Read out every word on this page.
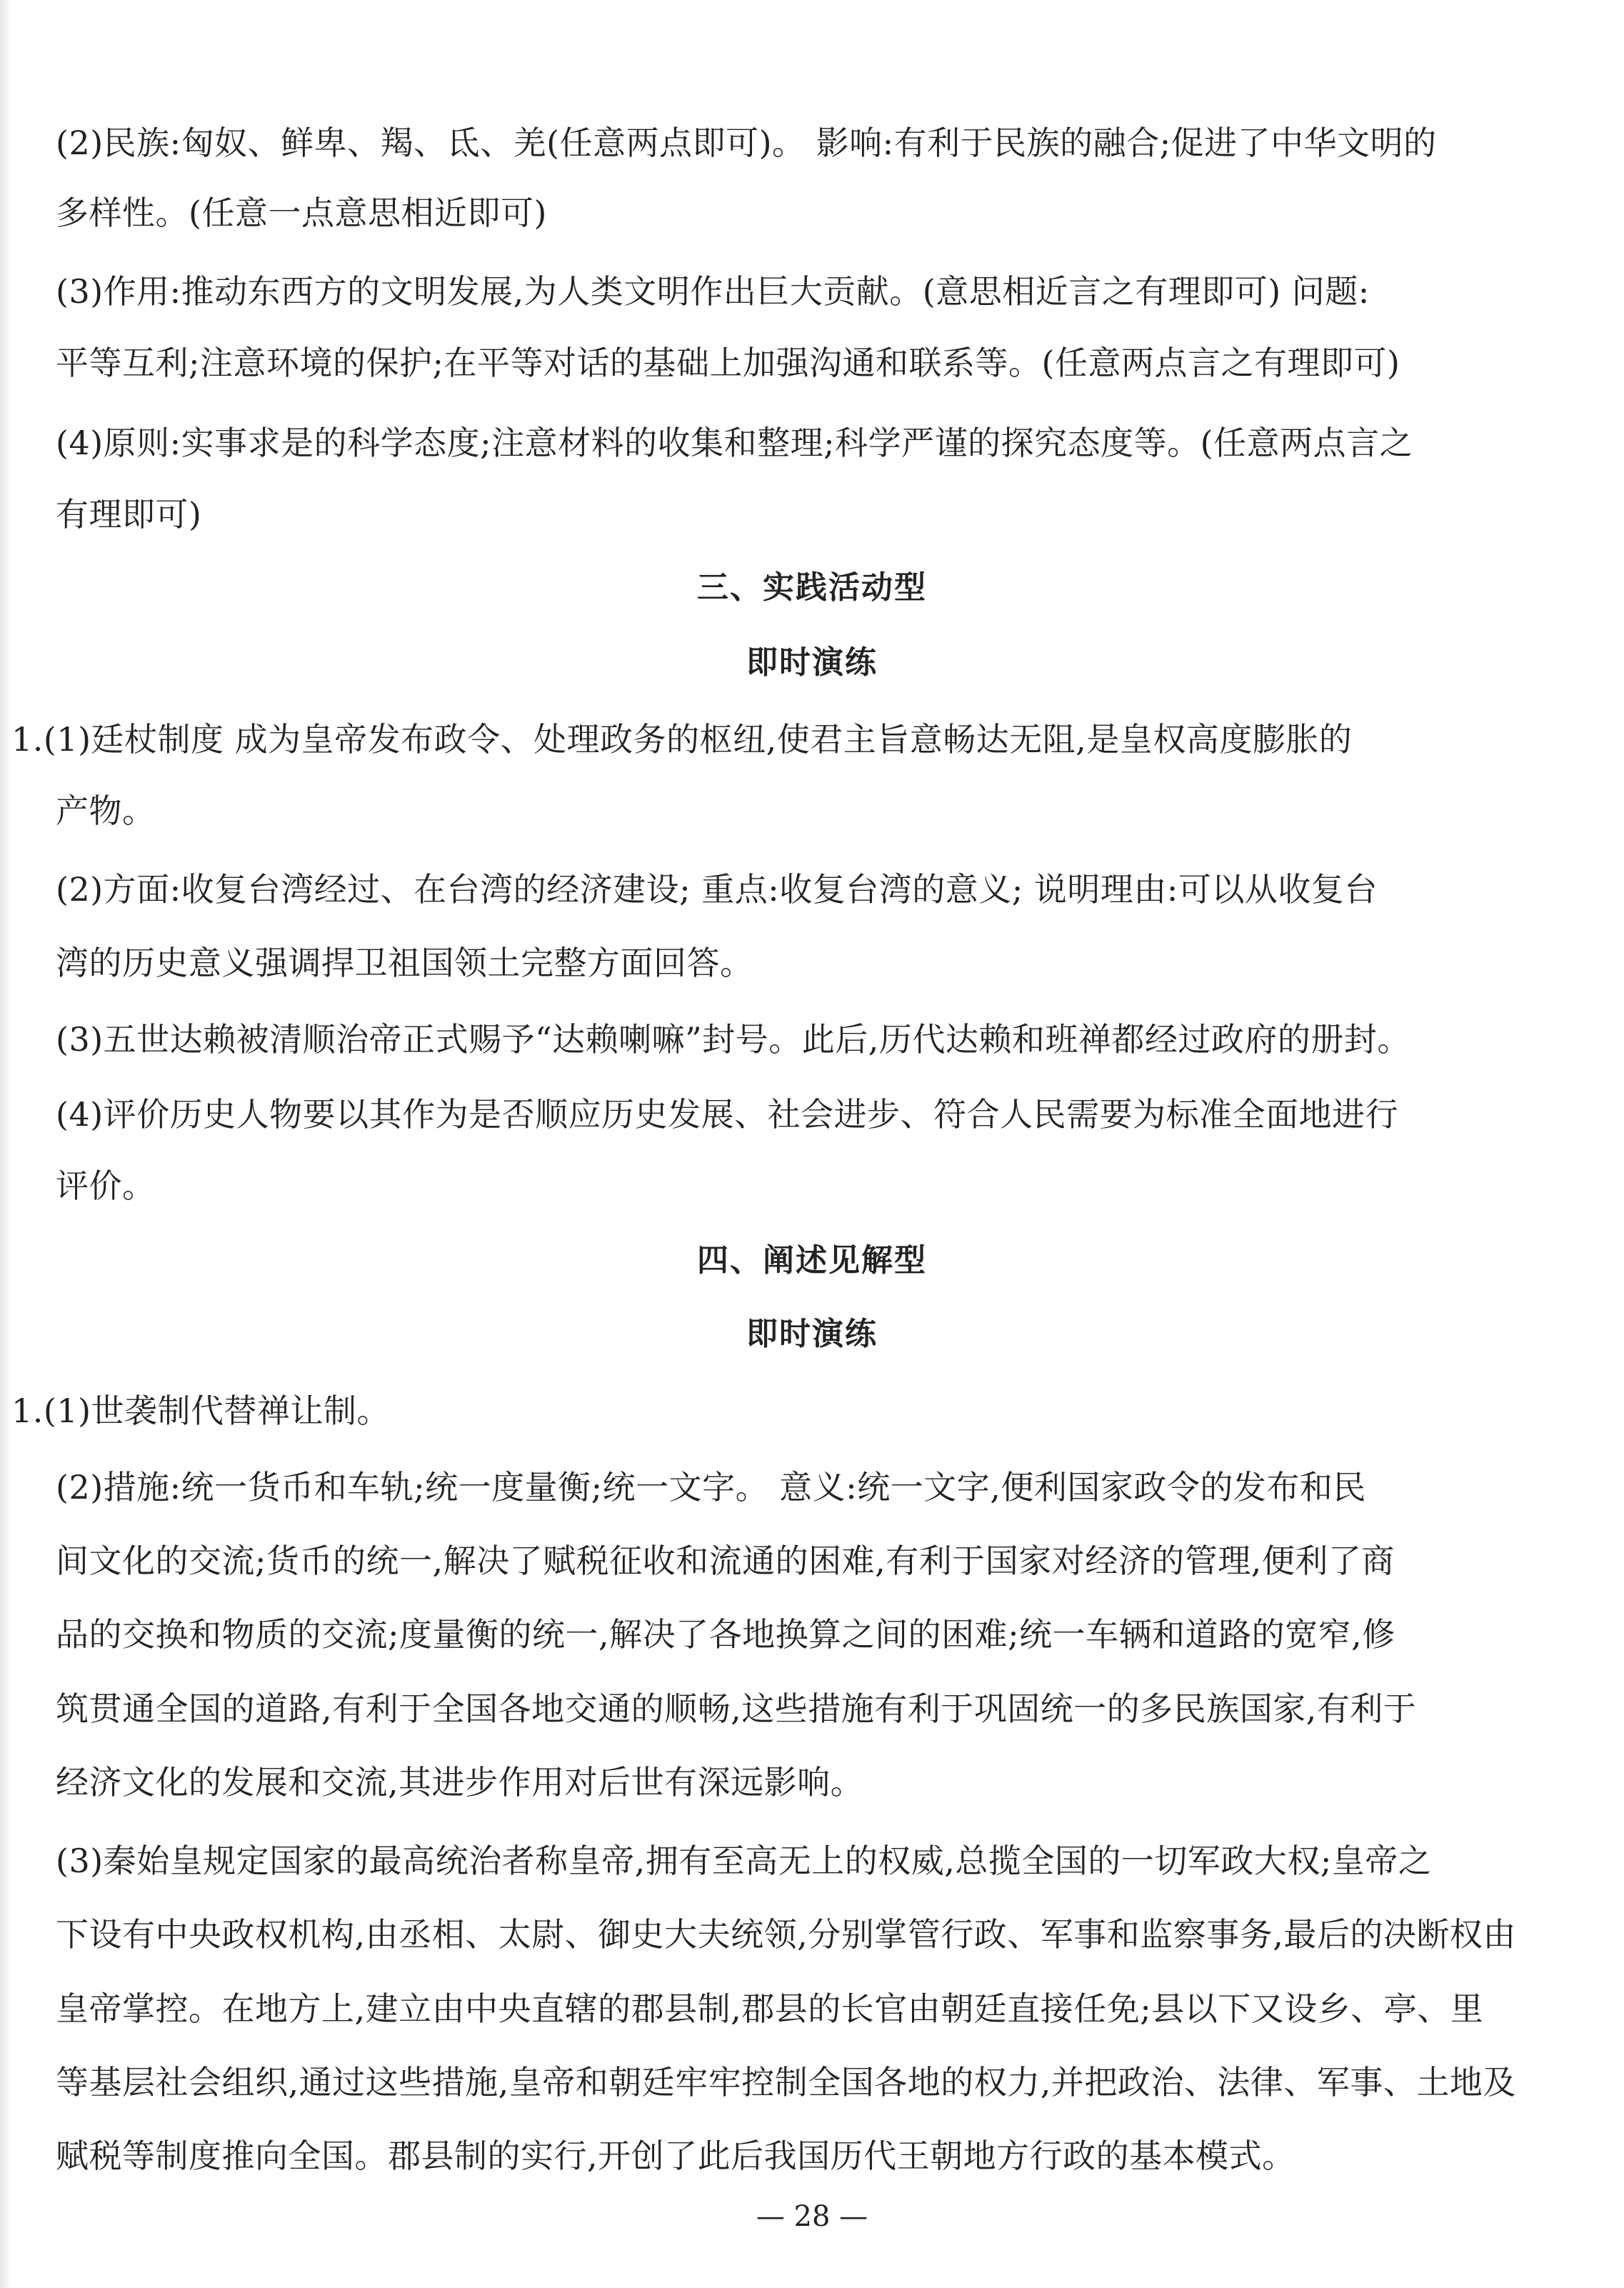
(2)民族:匈奴、鲜卑、羯、氐、羌(任意两点即可)。 影响:有利于民族的融合;促进了中华文明的
多样性。(任意一点意思相近即可)
(3)作用:推动东西方的文明发展,为人类文明作出巨大贡献。(意思相近言之有理即可) 问题:
平等互利;注意环境的保护;在平等对话的基础上加强沟通和联系等。(任意两点言之有理即可)
(4)原则:实事求是的科学态度;注意材料的收集和整理;科学严谨的探究态度等。(任意两点言之
有理即可)
三、实践活动型
即时演练
1.(1)廷杖制度 成为皇帝发布政令、处理政务的枢纽,使君主旨意畅达无阻,是皇权高度膨胀的
产物。
(2)方面:收复台湾经过、在台湾的经济建设; 重点:收复台湾的意义; 说明理由:可以从收复台
湾的历史意义强调捍卫祖国领土完整方面回答。
(3)五世达赖被清顺治帝正式赐予“达赖喇嘛”封号。此后,历代达赖和班禅都经过政府的册封。
(4)评价历史人物要以其作为是否顺应历史发展、社会进步、符合人民需要为标准全面地进行
评价。
四、阐述见解型
即时演练
1.(1)世袭制代替禅让制。
(2)措施:统一货币和车轨;统一度量衡;统一文字。 意义:统一文字,便利国家政令的发布和民
间文化的交流;货币的统一,解决了赋税征收和流通的困难,有利于国家对经济的管理,便利了商
品的交换和物质的交流;度量衡的统一,解决了各地换算之间的困难;统一车辆和道路的宽窄,修
筑贯通全国的道路,有利于全国各地交通的顺畅,这些措施有利于巩固统一的多民族国家,有利于
经济文化的发展和交流,其进步作用对后世有深远影响。
(3)秦始皇规定国家的最高统治者称皇帝,拥有至高无上的权威,总揽全国的一切军政大权;皇帝之
下设有中央政权机构,由丞相、太尉、御史大夫统领,分别掌管行政、军事和监察事务,最后的决断权由
皇帝掌控。在地方上,建立由中央直辖的郡县制,郡县的长官由朝廷直接任免;县以下又设乡、亭、里
等基层社会组织,通过这些措施,皇帝和朝廷牢牢控制全国各地的权力,并把政治、法律、军事、土地及
赋税等制度推向全国。郡县制的实行,开创了此后我国历代王朝地方行政的基本模式。
— 28 —
